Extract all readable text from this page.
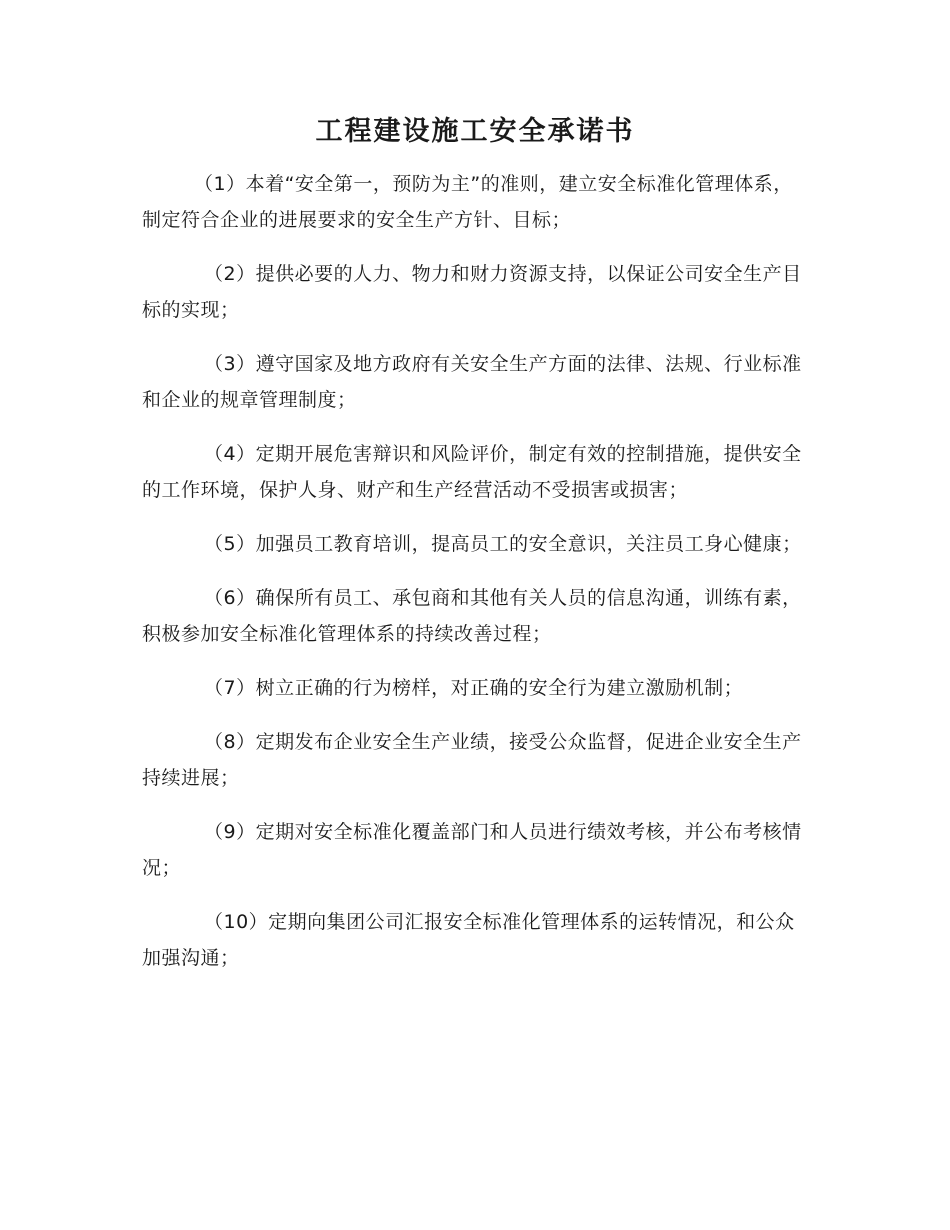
工程建设施工安全承诺书

（1）本着“安全第一，预防为主”的准则，建立安全标准化管理体系，制定符合企业的进展要求的安全生产方针、目标；

（2）提供必要的人力、物力和财力资源支持，以保证公司安全生产目标的实现；

（3）遵守国家及地方政府有关安全生产方面的法律、法规、行业标准和企业的规章管理制度；

（4）定期开展危害辩识和风险评价，制定有效的控制措施，提供安全的工作环境，保护人身、财产和生产经营活动不受损害或损害；

（5）加强员工教育培训，提高员工的安全意识，关注员工身心健康；

（6）确保所有员工、承包商和其他有关人员的信息沟通，训练有素，积极参加安全标准化管理体系的持续改善过程；

（7）树立正确的行为榜样，对正确的安全行为建立激励机制；

（8）定期发布企业安全生产业绩，接受公众监督，促进企业安全生产持续进展；

（9）定期对安全标准化覆盖部门和人员进行绩效考核，并公布考核情况；

（10）定期向集团公司汇报安全标准化管理体系的运转情况，和公众加强沟通；
